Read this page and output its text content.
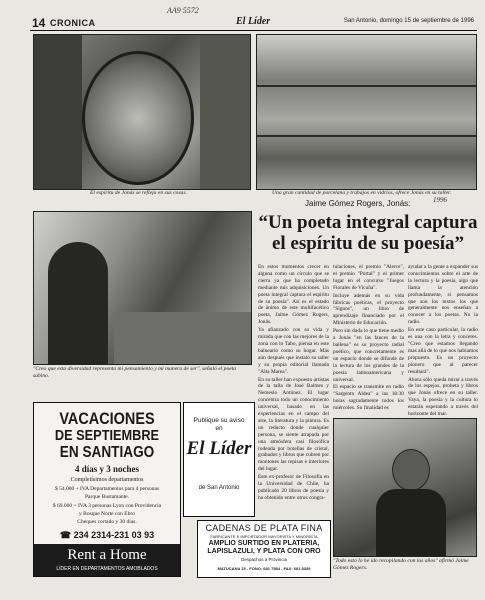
14 CRONICA
AA9 5572
El Líder	San Antonio, domingo 15 de septiembre de 1996
El espíritu de Jonás se refleja en sus cosas.	Una gran cantidad de porcelana y trabajos en vidrios, ofrece Jonás en su taller.
"Creo que esta diversidad representa mi pensamiento y mi manera de ser", señaló el poeta sabino.
Jaime Gómez Rogers, Jonás:	1996
“Un poeta integral captura el espíritu de su poesía”

En estos momentos crecer en alguna como un círculo que se cierra ya que ha completado mediante mis adquisiciones. Un poeta integral captura el espíritu de su poesía". Así es el estado de ánimo de este multifacético poeta, Jaime Gómez Rogers, Jonás.

Ya afianzado con su vida y mirada que con las mejores de la zona con lo Tabo, piensa en este balneario como su hogar. Más aún después que instaló su taller y su propia editorial llamada "Alta Marea".

En su taller han expuesto artistas de la talla de José Balmes y Nemesio Antúnez. El lugar concentra todo un conocimiento universal, basado en las experiencias en el campo del arte, la literatura y la pintura. Es un reducto donde cualquier persona, se siente atrapada por una atmósfera casi filosófica rodeada por botellas de cristal, grabados y libros que cubren por montones las repisas e interiores del lugar.

Este ex-profesor de Filosofía en la Universidad de Chile, ha publicado 20 libros de poesía y ha obtenido entre otros congra-

tulaciones, el premio "Alerce", el premio "Portal" y el primer lugar en el concurso "Juegos Florales de Vicuña".

Incluye además en su vida fábricas poéticas, el proyecto "Signos", un libro de aprendizaje financiado por el Ministerio de Educación.

Pero sin duda lo que tiene medio a Jonás "en las fauces de la ballena" es su proyecto radial poético, que concretamente es un espacio donde se difunde de la lectura de los grandes de la poesía latinoamericana y universal.

El espacio se transmite en radio "Sargento Aldea" a las 18:30 horas sagradamente todos los miércoles. Su finalidad es

ayudar a la gente a expander sus conocimientos sobre el arte de la lectura y la poesía, algo que llama la atención profundamente, si pensamos que son los textos los que generalmente nos enseñan a conocer a los poetas. No la radio.

En este caso particular, la radio es una con la letra y conceres. "Creo que estamos llegando mas allá de lo que nos habíamos propuesto. Es un proyecto pionero que al parecer resultará".

Ahora sólo queda mirar a través de los espejos, probeta y libros que Jonás ofrece en su taller. Vaya, la poesía y la cultura lo estarán esperando a través del horizonte del mar.

"Todo esto lo he ido recopilando con los años" afirmó Jaime Gómez Rogers.
VACACIONES
DE SEPTIEMBRE
EN SANTIAGO
4 días y 3 noches
Completísimos departamentos
$ 54.000 + IVA Departamentos para 4 personas
Parque Bustamante.
$ 69.000 + IVA 3 personas Lyon con Providencia
y Bosque Norte con Ebro
Cheques cortado y 30 días.
☎ 234 2314-231 03 93
Rent a Home
LÍDER EN DEPARTAMENTOS AMOBLADOS
Publique su aviso en
El Líder
de San Antonio
CADENAS DE PLATA FINA
FABRICANTE E IMPORTADOR MAYORISTA Y MINORISTA
AMPLIO SURTIDO EN PLATERIA,
LAPISLAZULI, Y PLATA CON ORO
Despachos a Provincia
MATUCANA 15 - FONO: 681 7584 - FAX: 681 8339
